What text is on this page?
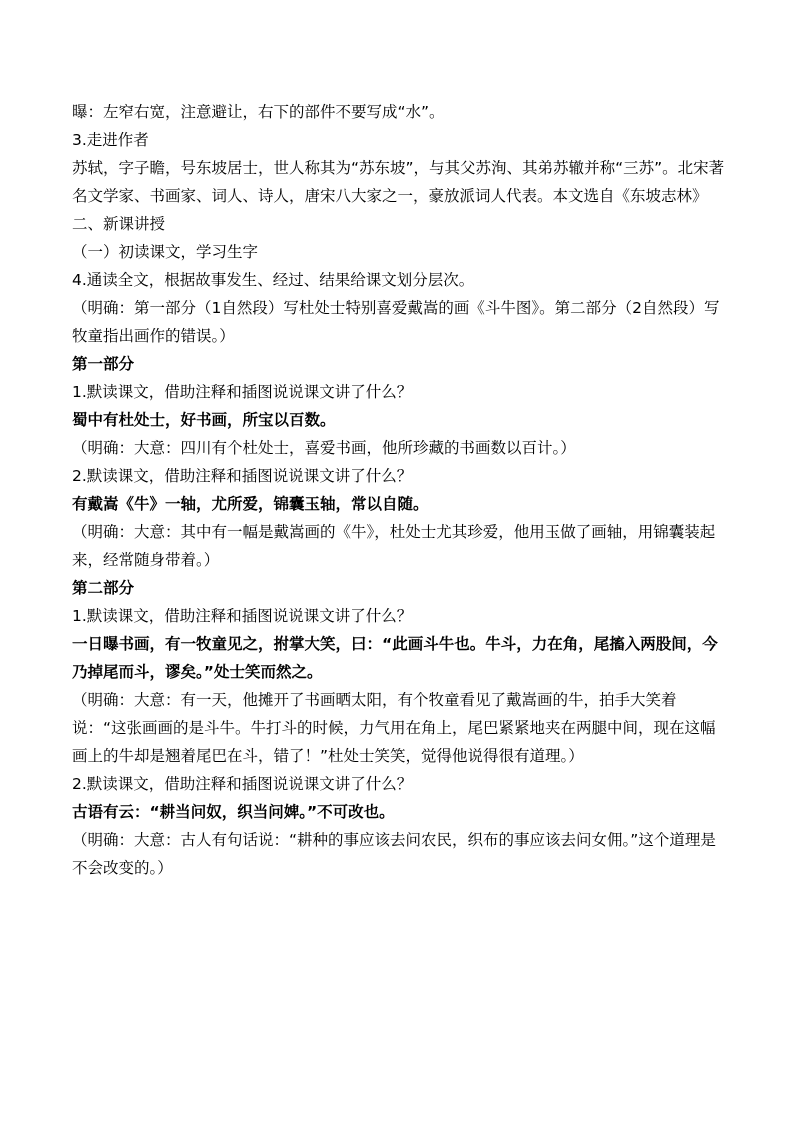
曝：左窄右宽，注意避让，右下的部件不要写成“水”。

3.走进作者

苏轼，字子瞻，号东坡居士，世人称其为“苏东坡”，与其父苏洵、其弟苏辙并称“三苏”。北宋著名文学家、书画家、词人、诗人，唐宋八大家之一，豪放派词人代表。本文选自《东坡志林》

二、新课讲授

（一）初读课文，学习生字

4.通读全文，根据故事发生、经过、结果给课文划分层次。

（明确：第一部分（1自然段）写杜处士特别喜爱戴嵩的画《斗牛图》。第二部分（2自然段）写牧童指出画作的错误。）

第一部分

1.默读课文，借助注释和插图说说课文讲了什么？

蜀中有杜处士，好书画，所宝以百数。

（明确：大意：四川有个杜处士，喜爱书画，他所珍藏的书画数以百计。）

2.默读课文，借助注释和插图说说课文讲了什么？

有戴嵩《牛》一轴，尤所爱，锦囊玉轴，常以自随。

（明确：大意：其中有一幅是戴嵩画的《牛》，杜处士尤其珍爱，他用玉做了画轴，用锦囊装起来，经常随身带着。）

第二部分

1.默读课文，借助注释和插图说说课文讲了什么？

一日曝书画，有一牧童见之，拊掌大笑，曰：“此画斗牛也。牛斗，力在角，尾搐入两股间，今乃掉尾而斗，谬矣。”处士笑而然之。

（明确：大意：有一天，他摊开了书画晒太阳，有个牧童看见了戴嵩画的牛，拍手大笑着说：“这张画画的是斗牛。牛打斗的时候，力气用在角上，尾巴紧紧地夹在两腿中间，现在这幅画上的牛却是翘着尾巴在斗，错了！”杜处士笑笑，觉得他说得很有道理。）

2.默读课文，借助注释和插图说说课文讲了什么？

古语有云：“耕当问奴，织当问婢。”不可改也。

（明确：大意：古人有句话说：“耕种的事应该去问农民，织布的事应该去问女佣。”这个道理是不会改变的。）
